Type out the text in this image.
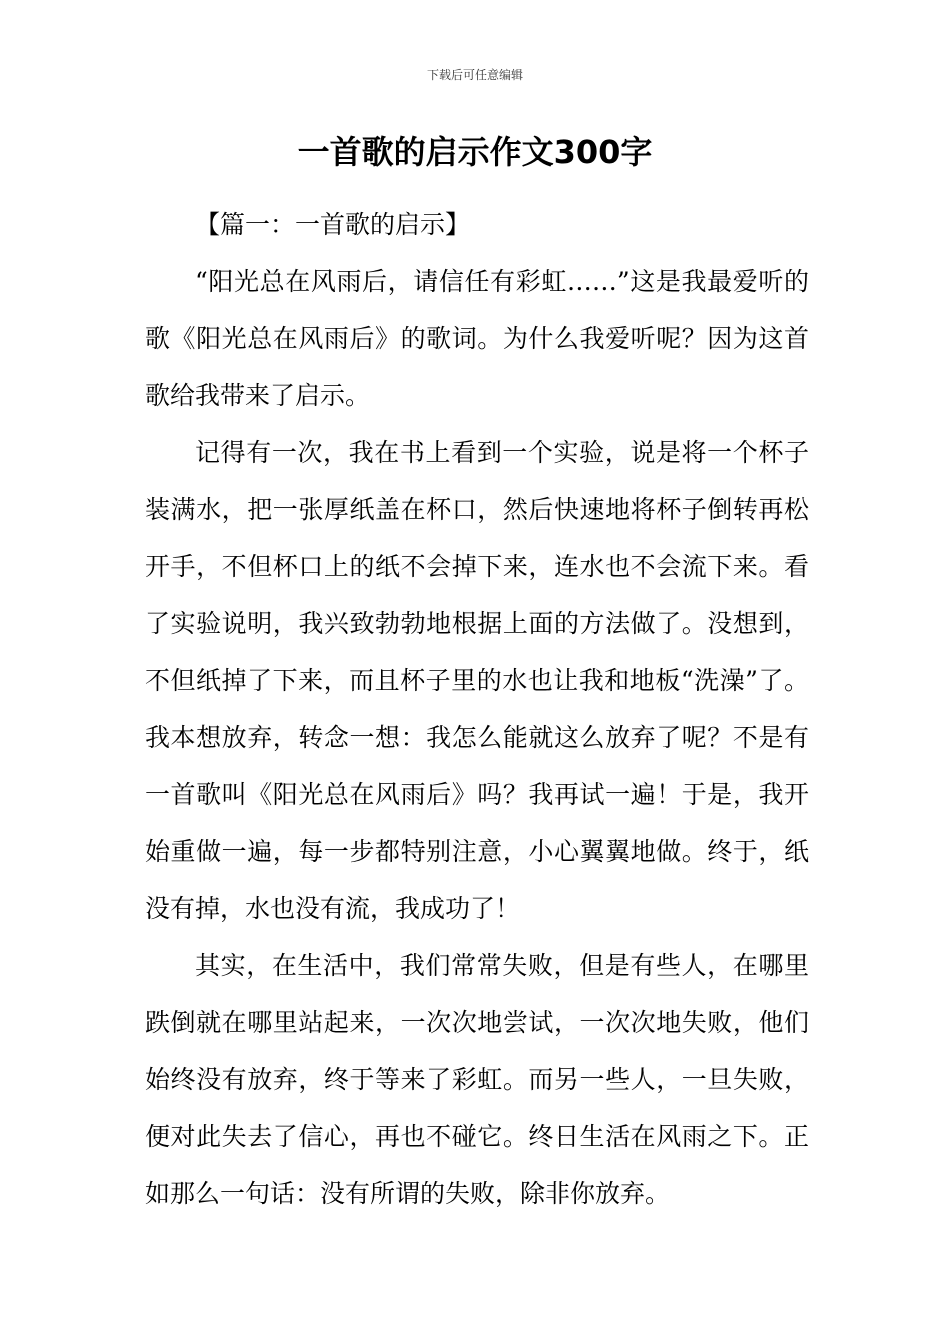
下载后可任意编辑
一首歌的启示作文300字

【篇一：一首歌的启示】

“阳光总在风雨后，请信任有彩虹……”这是我最爱听的歌《阳光总在风雨后》的歌词。为什么我爱听呢？因为这首歌给我带来了启示。

记得有一次，我在书上看到一个实验，说是将一个杯子装满水，把一张厚纸盖在杯口，然后快速地将杯子倒转再松开手，不但杯口上的纸不会掉下来，连水也不会流下来。看了实验说明，我兴致勃勃地根据上面的方法做了。没想到，不但纸掉了下来，而且杯子里的水也让我和地板“洗澡”了。我本想放弃，转念一想：我怎么能就这么放弃了呢？不是有一首歌叫《阳光总在风雨后》吗？我再试一遍！于是，我开始重做一遍，每一步都特别注意，小心翼翼地做。终于，纸没有掉，水也没有流，我成功了！

其实，在生活中，我们常常失败，但是有些人，在哪里跌倒就在哪里站起来，一次次地尝试，一次次地失败，他们始终没有放弃，终于等来了彩虹。而另一些人，一旦失败，便对此失去了信心，再也不碰它。终日生活在风雨之下。正如那么一句话：没有所谓的失败，除非你放弃。
